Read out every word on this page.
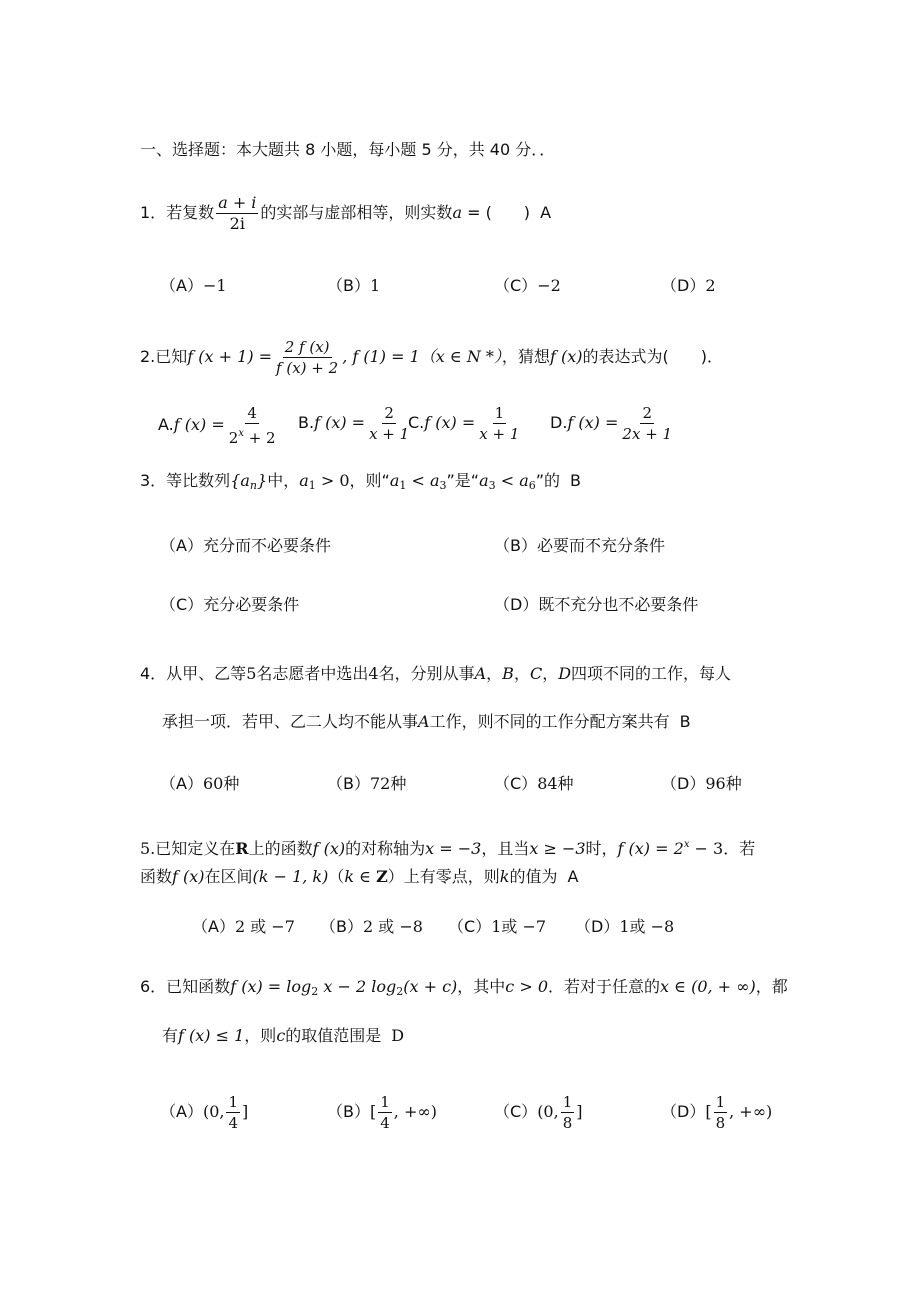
一、选择题：本大题共 8 小题，每小题 5 分，共 40 分．．
1．若复数 $\frac{a + i}{2i}$ 的实部与虚部相等，则实数a = (　　) A
（A）−1	（B）1	（C）−2	（D）2
2.已知f $(x + 1) = \frac{2 f (x)}{f (x) + 2}$ , f (1) = 1（x ∈ N *），猜想f (x)的表达式为(　　)．
A.f $(x) = \frac{4}{2^x + 2} B.f$ $(x) = \frac{2}{x + 1}$
C.f $(x) = \frac{1}{x + 1} D.f$ $(x) = \frac{2}{2x + 1}$
3．等比数列$\{a_n\}$中，$a_1 > 0$，则“$a_1 < a_3$”是“$a_3 < a_6$”的 B
（A）充分而不必要条件	（B）必要而不充分条件
（C）充分必要条件	（D）既不充分也不必要条件
4．从甲、乙等5名志愿者中选出4名，分别从事A，B，C，D四项不同的工作，每人
承担一项．若甲、乙二人均不能从事A工作，则不同的工作分配方案共有 B
（A）60种	（B）72种	（C）84种	（D）96种
5.已知定义在R上的函数f (x)的对称轴为x = −3，且当x ≥ −3时，f $(x) = 2^x - 3$．若
函数f (x)在区间(k − 1, k)（k ∈ Z）上有零点，则k的值为 A
（A）2 或 −7 （B）2 或 −8 （C）1或 −7 （D）1或 −8
6．已知函数f $(x) = \log_2 x - 2$ $\log_2(x + c)$，其中c > 0．若对于任意的x ∈ (0, + ∞)，都
有f (x) ≤ 1，则c的取值范围是 D
（A）(0, $\frac{1}{4}$ ]	$(B)[ \frac{1}{4}$ , +∞)	（C）(0, $\frac{1}{8}$ ]	$(D)[ \frac{1}{8}$ , +∞)
